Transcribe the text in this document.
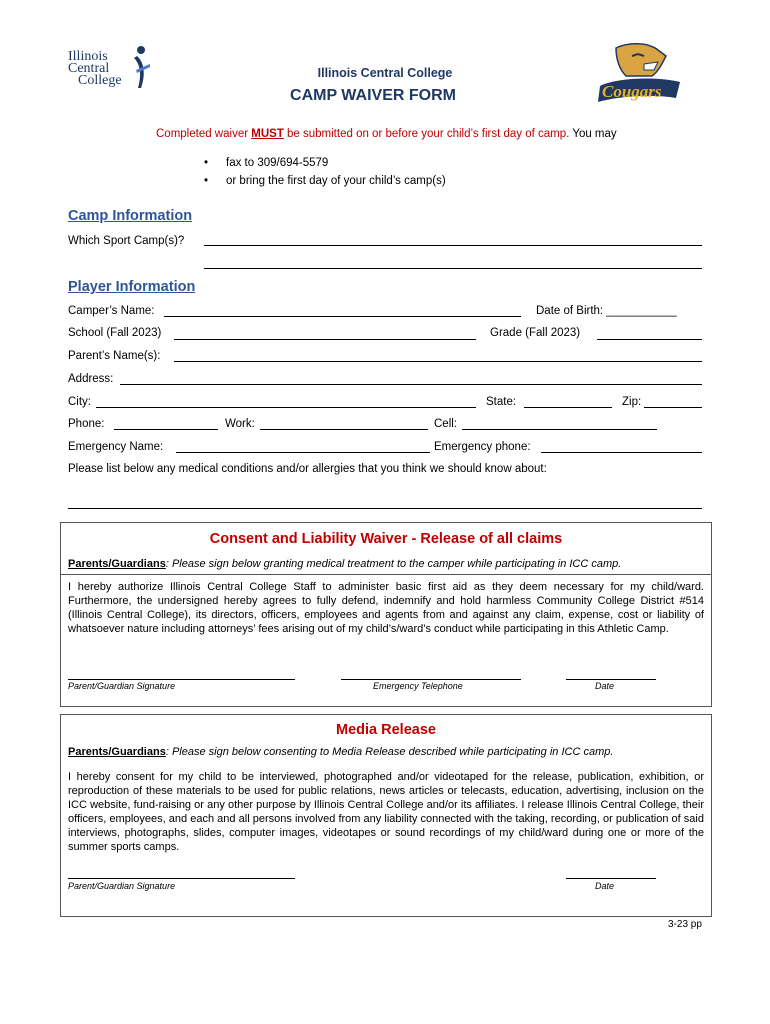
Illinois
Central
College	Illinois Central College
CAMP WAIVER FORM	Cougars
Completed waiver MUST be submitted on or before your child’s first day of camp. You may
• fax to 309/694-5579
• or bring the first day of your child’s camp(s)
Camp Information
Which Sport Camp(s)?
Player Information
Camper’s Name:	Date of Birth: ___________
School (Fall 2023)	Grade (Fall 2023)
Parent’s Name(s):
Address:
City:	State:	Zip:
Phone:	Work:	Cell:
Emergency Name:	Emergency phone:
Please list below any medical conditions and/or allergies that you think we should know about:
Consent and Liability Waiver - Release of all claims
Parents/Guardians: Please sign below granting medical treatment to the camper while participating in ICC camp.
I hereby authorize Illinois Central College Staff to administer basic first aid as they deem necessary for my child/ward. Furthermore, the undersigned hereby agrees to fully defend, indemnify and hold harmless Community College District #514 (Illinois Central College), its directors, officers, employees and agents from and against any claim, expense, cost or liability of whatsoever nature including attorneys’ fees arising out of my child’s/ward’s conduct while participating in this Athletic Camp.
Parent/Guardian Signature	Emergency Telephone	Date
Media Release
Parents/Guardians: Please sign below consenting to Media Release described while participating in ICC camp.
I hereby consent for my child to be interviewed, photographed and/or videotaped for the release, publication, exhibition, or reproduction of these materials to be used for public relations, news articles or telecasts, education, advertising, inclusion on the ICC website, fund-raising or any other purpose by Illinois Central College and/or its affiliates. I release Illinois Central College, their officers, employees, and each and all persons involved from any liability connected with the taking, recording, or publication of said interviews, photographs, slides, computer images, videotapes or sound recordings of my child/ward during one or more of the summer sports camps.
Parent/Guardian Signature	Date
3-23 pp
